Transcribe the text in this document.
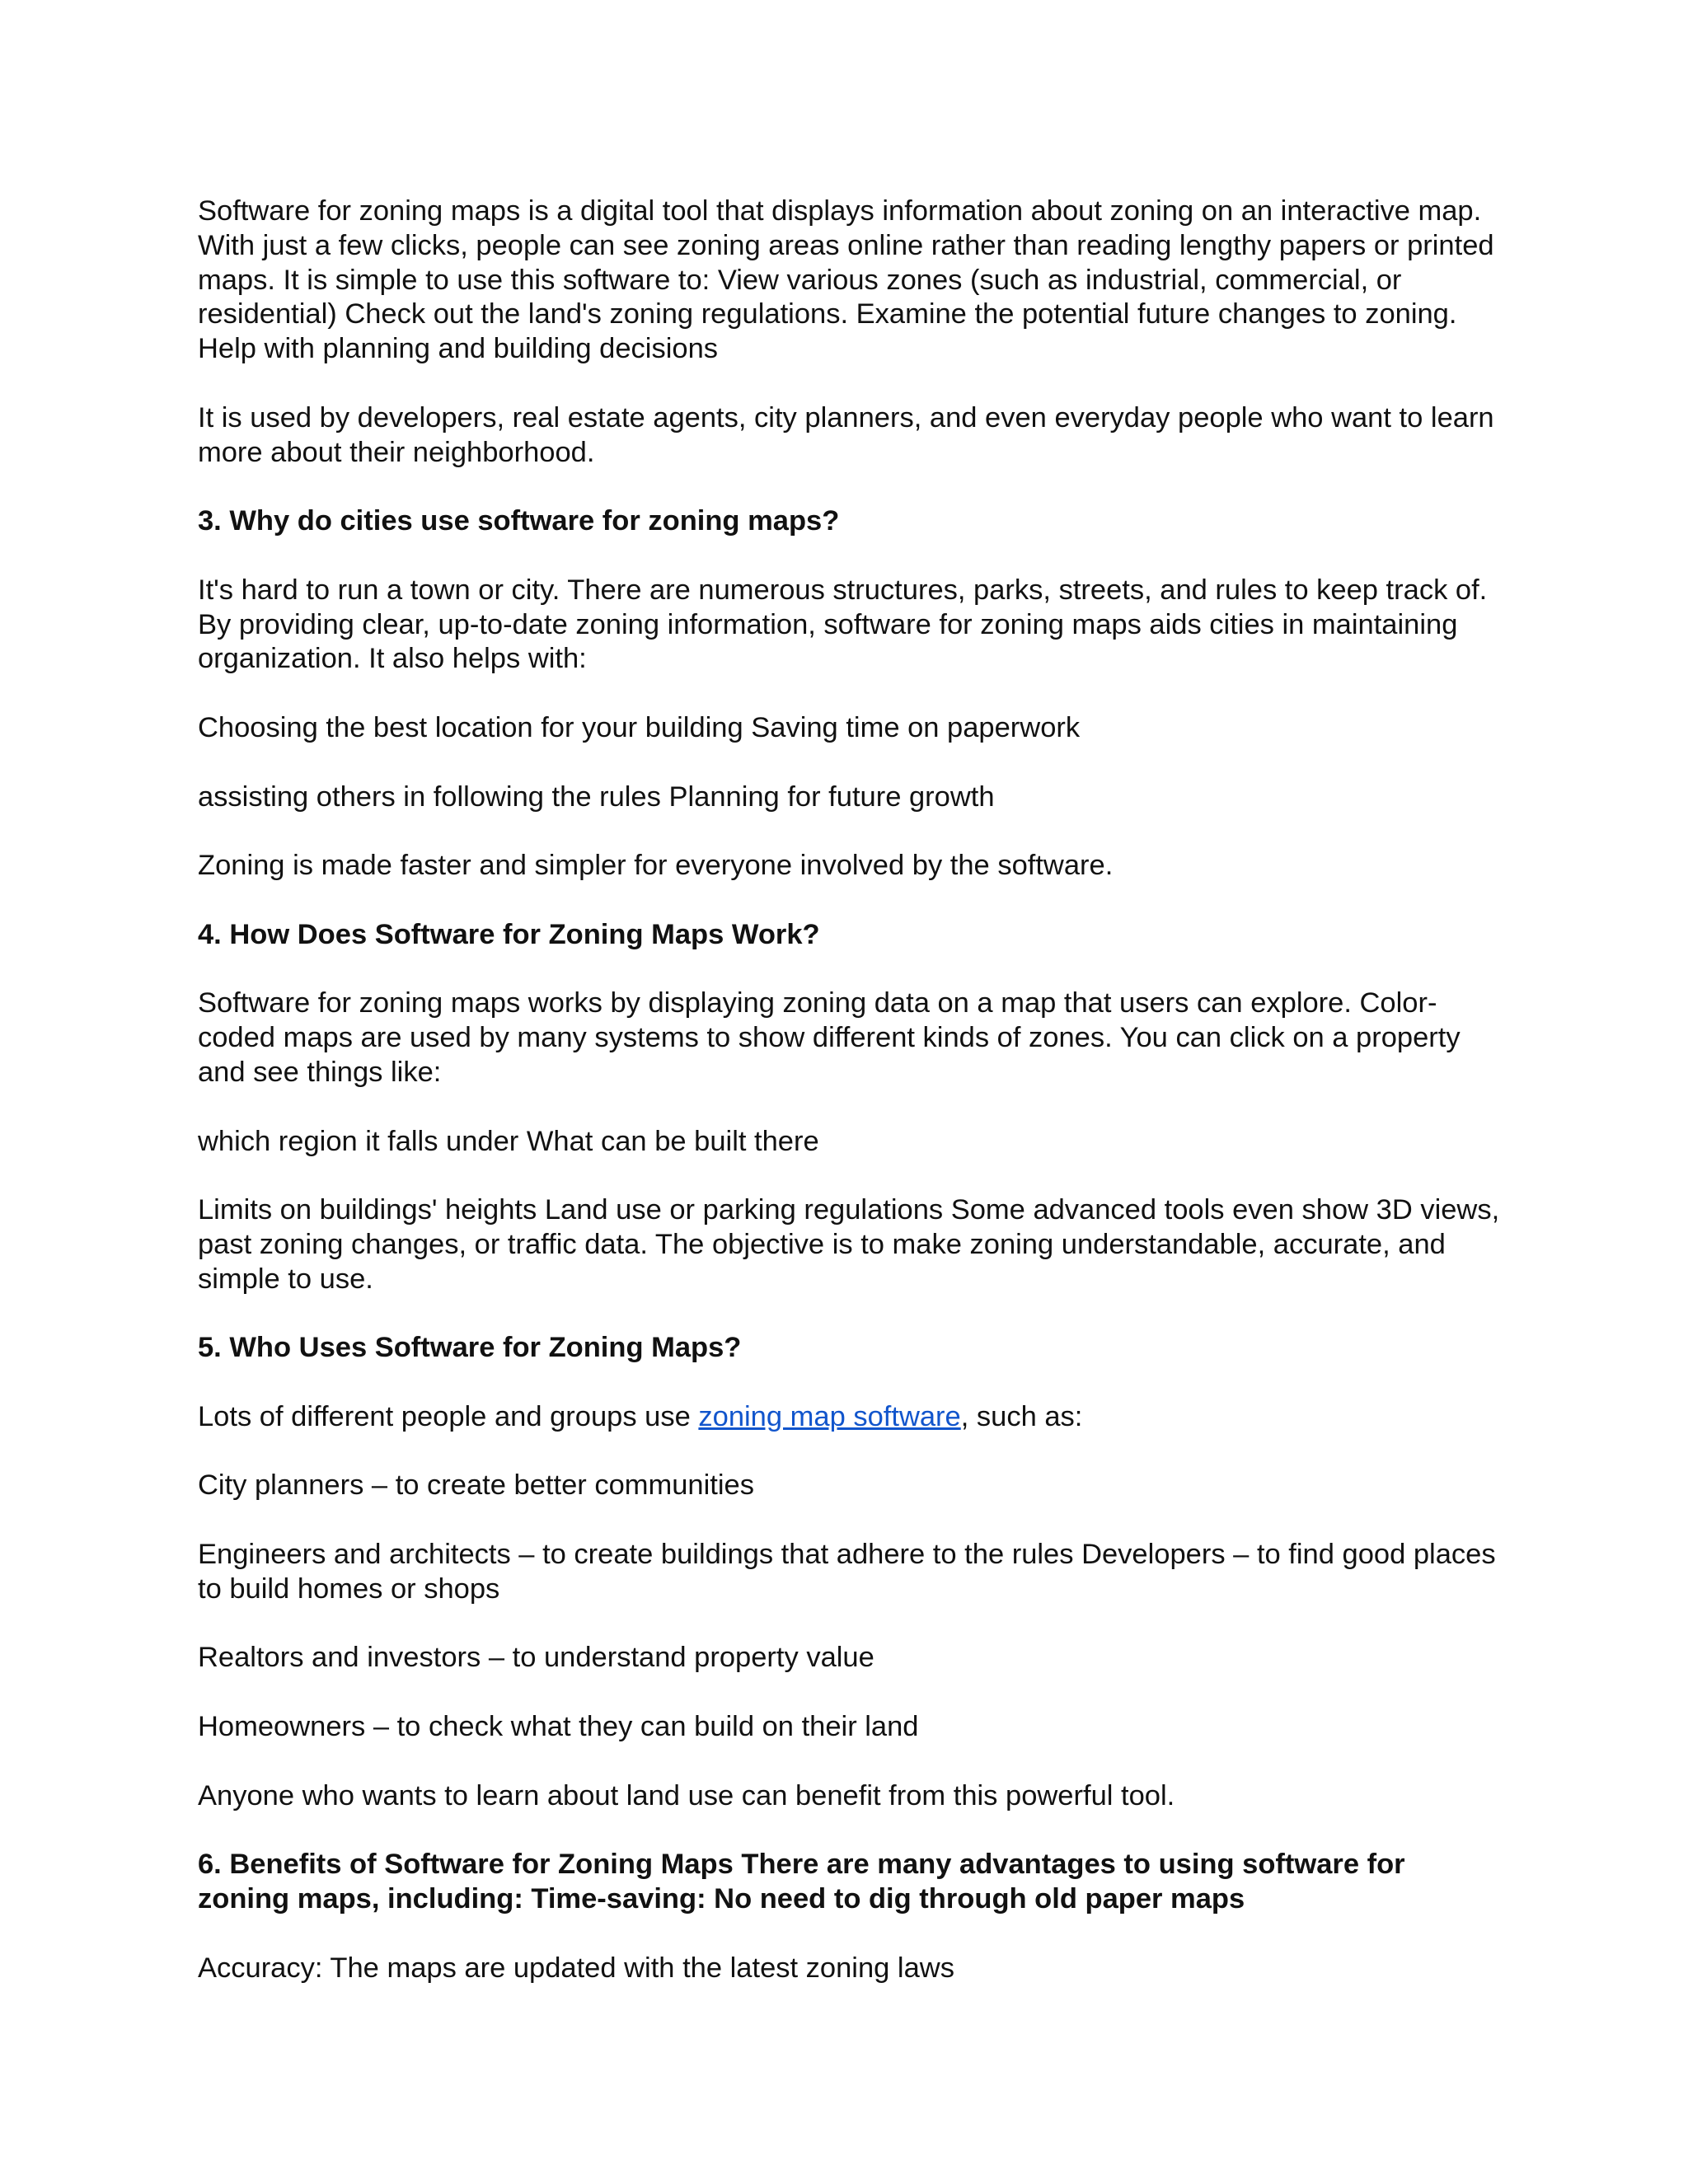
Software for zoning maps is a digital tool that displays information about zoning on an interactive map. With just a few clicks, people can see zoning areas online rather than reading lengthy papers or printed maps. It is simple to use this software to: View various zones (such as industrial, commercial, or residential) Check out the land's zoning regulations. Examine the potential future changes to zoning. Help with planning and building decisions

It is used by developers, real estate agents, city planners, and even everyday people who want to learn more about their neighborhood.

3. Why do cities use software for zoning maps?

It's hard to run a town or city. There are numerous structures, parks, streets, and rules to keep track of. By providing clear, up-to-date zoning information, software for zoning maps aids cities in maintaining organization. It also helps with:

Choosing the best location for your building Saving time on paperwork

assisting others in following the rules Planning for future growth

Zoning is made faster and simpler for everyone involved by the software.

4. How Does Software for Zoning Maps Work?

Software for zoning maps works by displaying zoning data on a map that users can explore. Color-coded maps are used by many systems to show different kinds of zones. You can click on a property and see things like:

which region it falls under What can be built there

Limits on buildings' heights Land use or parking regulations Some advanced tools even show 3D views, past zoning changes, or traffic data. The objective is to make zoning understandable, accurate, and simple to use.

5. Who Uses Software for Zoning Maps?

Lots of different people and groups use zoning map software, such as:

City planners – to create better communities

Engineers and architects – to create buildings that adhere to the rules Developers – to find good places to build homes or shops

Realtors and investors – to understand property value

Homeowners – to check what they can build on their land

Anyone who wants to learn about land use can benefit from this powerful tool.

6. Benefits of Software for Zoning Maps There are many advantages to using software for zoning maps, including: Time-saving: No need to dig through old paper maps

Accuracy: The maps are updated with the latest zoning laws
